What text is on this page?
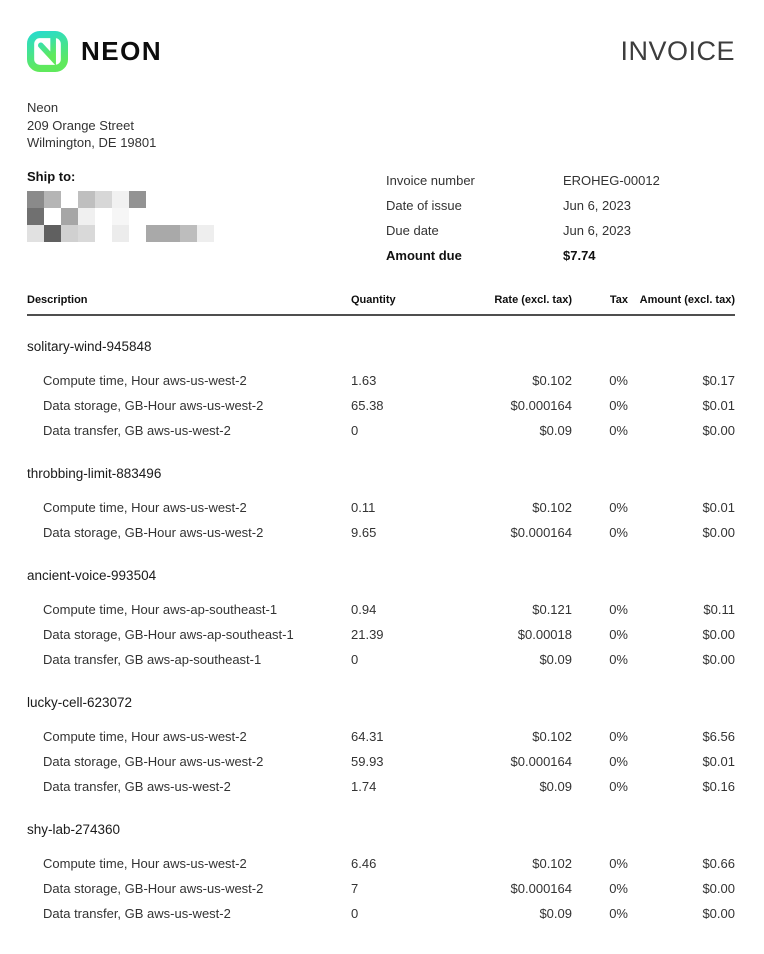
NEON	INVOICE
Neon
209 Orange Street
Wilmington, DE 19801
Ship to:	Invoice number	EROHEG-00012
Date of issue	Jun 6, 2023
Due date	Jun 6, 2023
Amount due	$7.74
Description	Quantity	Rate (excl. tax)	Tax	Amount (excl. tax)
solitary-wind-945848
Compute time, Hour aws-us-west-2	1.63	$0.102	0%	$0.17
Data storage, GB-Hour aws-us-west-2	65.38	$0.000164	0%	$0.01
Data transfer, GB aws-us-west-2	0	$0.09	0%	$0.00
throbbing-limit-883496
Compute time, Hour aws-us-west-2	0.11	$0.102	0%	$0.01
Data storage, GB-Hour aws-us-west-2	9.65	$0.000164	0%	$0.00
ancient-voice-993504
Compute time, Hour aws-ap-southeast-1	0.94	$0.121	0%	$0.11
Data storage, GB-Hour aws-ap-southeast-1	21.39	$0.00018	0%	$0.00
Data transfer, GB aws-ap-southeast-1	0	$0.09	0%	$0.00
lucky-cell-623072
Compute time, Hour aws-us-west-2	64.31	$0.102	0%	$6.56
Data storage, GB-Hour aws-us-west-2	59.93	$0.000164	0%	$0.01
Data transfer, GB aws-us-west-2	1.74	$0.09	0%	$0.16
shy-lab-274360
Compute time, Hour aws-us-west-2	6.46	$0.102	0%	$0.66
Data storage, GB-Hour aws-us-west-2	7	$0.000164	0%	$0.00
Data transfer, GB aws-us-west-2	0	$0.09	0%	$0.00
